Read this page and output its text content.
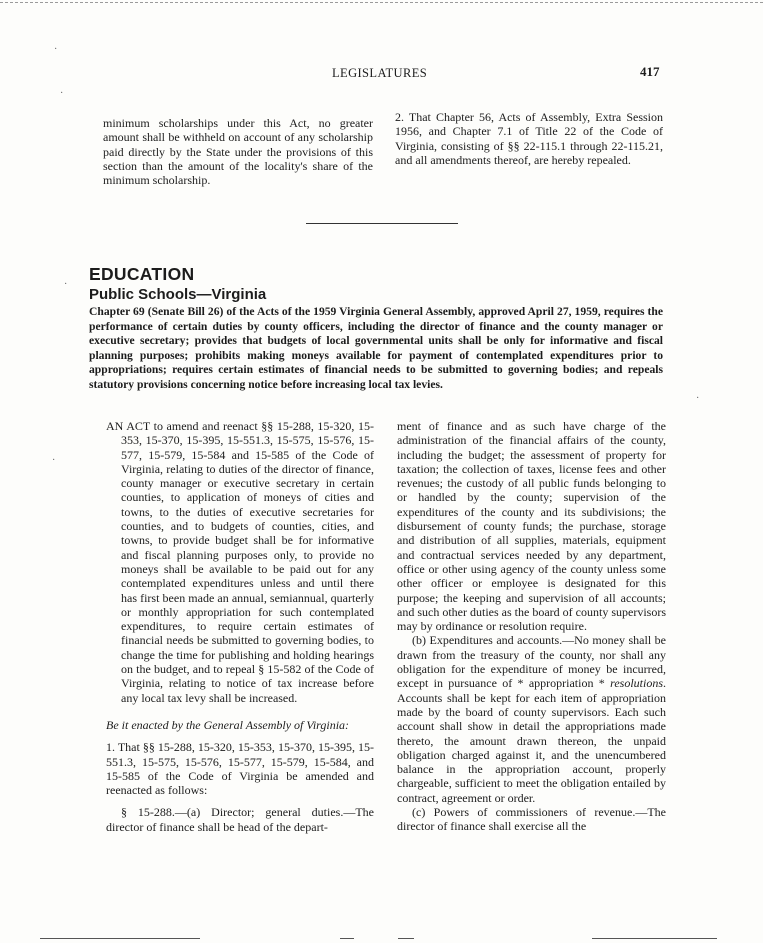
LEGISLATURES	417

minimum scholarships under this Act, no greater amount shall be withheld on account of any scholarship paid directly by the State under the provisions of this section than the amount of the locality's share of the minimum scholarship.

2. That Chapter 56, Acts of Assembly, Extra Session 1956, and Chapter 7.1 of Title 22 of the Code of Virginia, consisting of §§ 22-115.1 through 22-115.21, and all amendments thereof, are hereby repealed.

EDUCATION
Public Schools—Virginia
Chapter 69 (Senate Bill 26) of the Acts of the 1959 Virginia General Assembly, approved April 27, 1959, requires the performance of certain duties by county officers, including the director of finance and the county manager or executive secretary; provides that budgets of local governmental units shall be only for informative and fiscal planning purposes; prohibits making moneys available for payment of contemplated expenditures prior to appropriations; requires certain estimates of financial needs to be submitted to governing bodies; and repeals statutory provisions concerning notice before increasing local tax levies.

AN ACT to amend and reenact §§ 15-288, 15-320, 15-353, 15-370, 15-395, 15-551.3, 15-575, 15-576, 15-577, 15-579, 15-584 and 15-585 of the Code of Virginia, relating to duties of the director of finance, county manager or executive secretary in certain counties, to application of moneys of cities and towns, to the duties of executive secretaries for counties, and to budgets of counties, cities, and towns, to provide budget shall be for informative and fiscal planning purposes only, to provide no moneys shall be available to be paid out for any contemplated expenditures unless and until there has first been made an annual, semiannual, quarterly or monthly appropriation for such contemplated expenditures, to require certain estimates of financial needs be submitted to governing bodies, to change the time for publishing and holding hearings on the budget, and to repeal § 15-582 of the Code of Virginia, relating to notice of tax increase before any local tax levy shall be increased.

Be it enacted by the General Assembly of Virginia:

1. That §§ 15-288, 15-320, 15-353, 15-370, 15-395, 15-551.3, 15-575, 15-576, 15-577, 15-579, 15-584, and 15-585 of the Code of Virginia be amended and reenacted as follows:

§ 15-288.—(a) Director; general duties.—The director of finance shall be head of the depart-

ment of finance and as such have charge of the administration of the financial affairs of the county, including the budget; the assessment of property for taxation; the collection of taxes, license fees and other revenues; the custody of all public funds belonging to or handled by the county; supervision of the expenditures of the county and its subdivisions; the disbursement of county funds; the purchase, storage and distribution of all supplies, materials, equipment and contractual services needed by any department, office or other using agency of the county unless some other officer or employee is designated for this purpose; the keeping and supervision of all accounts; and such other duties as the board of county supervisors may by ordinance or resolution require.

(b) Expenditures and accounts.—No money shall be drawn from the treasury of the county, nor shall any obligation for the expenditure of money be incurred, except in pursuance of * appropriation * resolutions. Accounts shall be kept for each item of appropriation made by the board of county supervisors. Each such account shall show in detail the appropriations made thereto, the amount drawn thereon, the unpaid obligation charged against it, and the unencumbered balance in the appropriation account, properly chargeable, sufficient to meet the obligation entailed by contract, agreement or order.

(c) Powers of commissioners of revenue.—The director of finance shall exercise all the

·
·
·
·
·
